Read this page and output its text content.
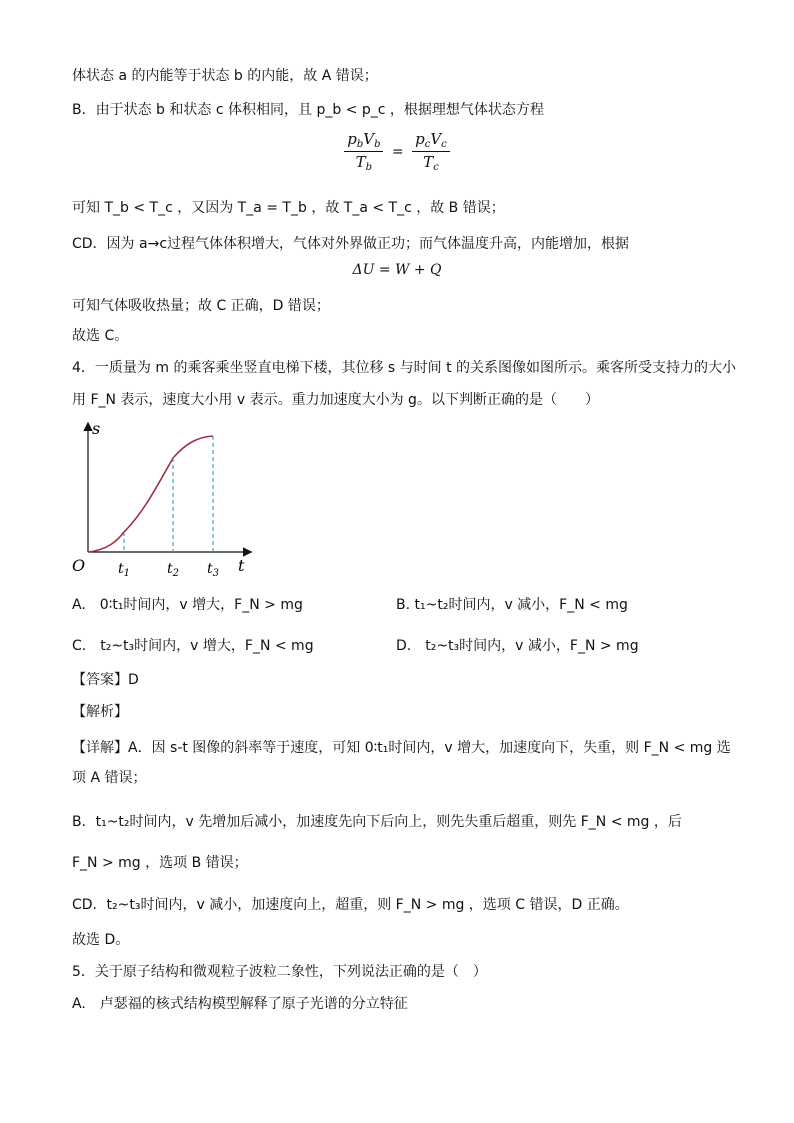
体状态 a 的内能等于状态 b 的内能，故 A 错误；
B．由于状态 b 和状态 c 体积相同，且 p_b < p_c ，根据理想气体状态方程
$\frac{p_bV_b}{T_b} = \frac{p_cV_c}{T_c}$
可知 T_b < T_c ，又因为 T_a = T_b ，故 T_a < T_c ，故 B 错误；
CD．因为 a→c过程气体体积增大，气体对外界做正功；而气体温度升高，内能增加，根据
ΔU = W + Q
可知气体吸收热量；故 C 正确，D 错误；
故选 C。
4．一质量为 m 的乘客乘坐竖直电梯下楼，其位移 s 与时间 t 的关系图像如图所示。乘客所受支持力的大小
用 F_N 表示，速度大小用 v 表示。重力加速度大小为 g。以下判断正确的是（　　）
s
t
O $t_1$	$t_2$ $t_3$
A.　0∶t₁时间内，v 增大，F_N > mg	B. t₁~t₂时间内，v 减小，F_N < mg
C.　t₂~t₃时间内，v 增大，F_N < mg	D.　t₂~t₃时间内，v 减小，F_N > mg
【答案】D
【解析】
【详解】A．因 s-t 图像的斜率等于速度，可知 0∶t₁时间内，v 增大，加速度向下，失重，则 F_N < mg 选
项 A 错误；
B．t₁~t₂时间内，v 先增加后减小，加速度先向下后向上，则先失重后超重，则先 F_N < mg ，后
F_N > mg ，选项 B 错误；
CD．t₂~t₃时间内，v 减小，加速度向上，超重，则 F_N > mg ，选项 C 错误，D 正确。
故选 D。
5．关于原子结构和微观粒子波粒二象性，下列说法正确的是（　）
A.　卢瑟福的核式结构模型解释了原子光谱的分立特征
